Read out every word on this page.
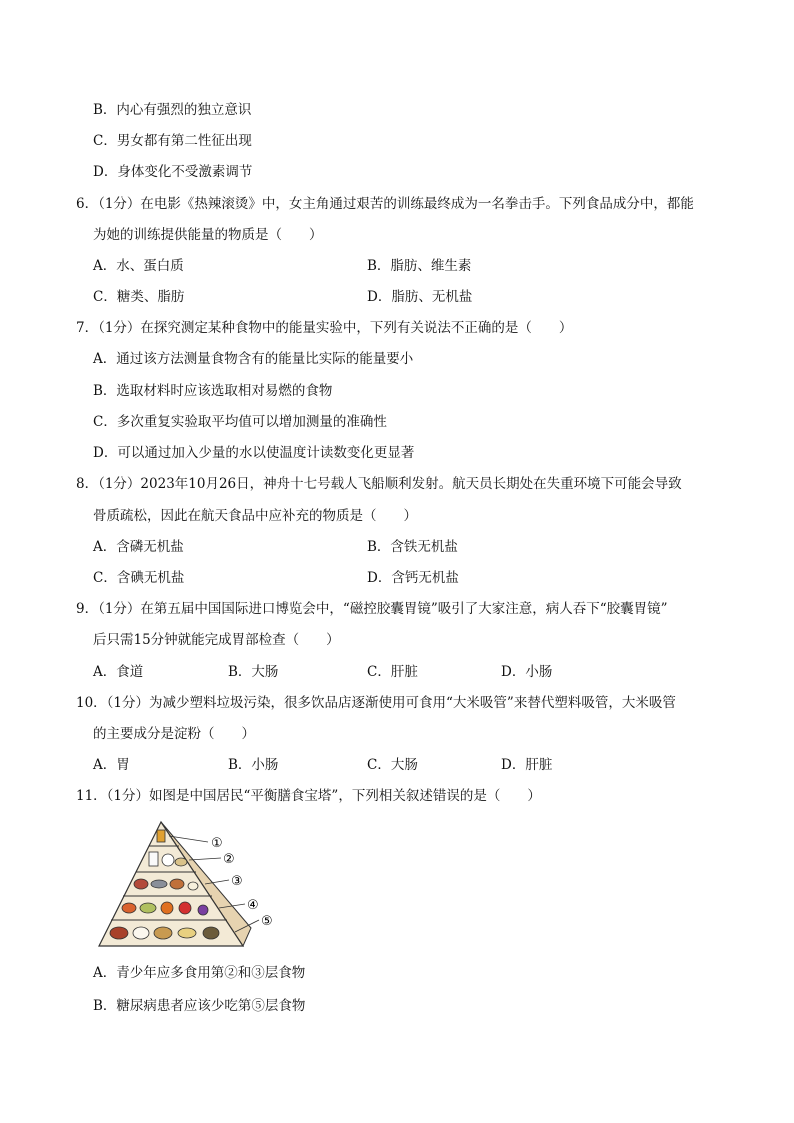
B．内心有强烈的独立意识
C．男女都有第二性征出现
D．身体变化不受激素调节
6．（1分）在电影《热辣滚烫》中，女主角通过艰苦的训练最终成为一名拳击手。下列食品成分中，都能
为她的训练提供能量的物质是（　　）
A．水、蛋白质	B．脂肪、维生素
C．糖类、脂肪	D．脂肪、无机盐
7．（1分）在探究测定某种食物中的能量实验中，下列有关说法不正确的是（　　）
A．通过该方法测量食物含有的能量比实际的能量要小
B．选取材料时应该选取相对易燃的食物
C．多次重复实验取平均值可以增加测量的准确性
D．可以通过加入少量的水以使温度计读数变化更显著
8．（1分）2023年10月26日，神舟十七号载人飞船顺利发射。航天员长期处在失重环境下可能会导致
骨质疏松，因此在航天食品中应补充的物质是（　　）
A．含磷无机盐	B．含铁无机盐
C．含碘无机盐	D．含钙无机盐
9．（1分）在第五届中国国际进口博览会中，“磁控胶囊胃镜”吸引了大家注意，病人吞下“胶囊胃镜”
后只需15分钟就能完成胃部检查（　　）
A．食道	B．大肠	C．肝脏	D．小肠
10．（1分）为减少塑料垃圾污染，很多饮品店逐渐使用可食用“大米吸管”来替代塑料吸管，大米吸管
的主要成分是淀粉（　　）
A．胃	B．小肠	C．大肠	D．肝脏
11．（1分）如图是中国居民“平衡膳食宝塔”，下列相关叙述错误的是（　　）
①
②
③
④
⑤
A．青少年应多食用第②和③层食物
B．糖尿病患者应该少吃第⑤层食物
